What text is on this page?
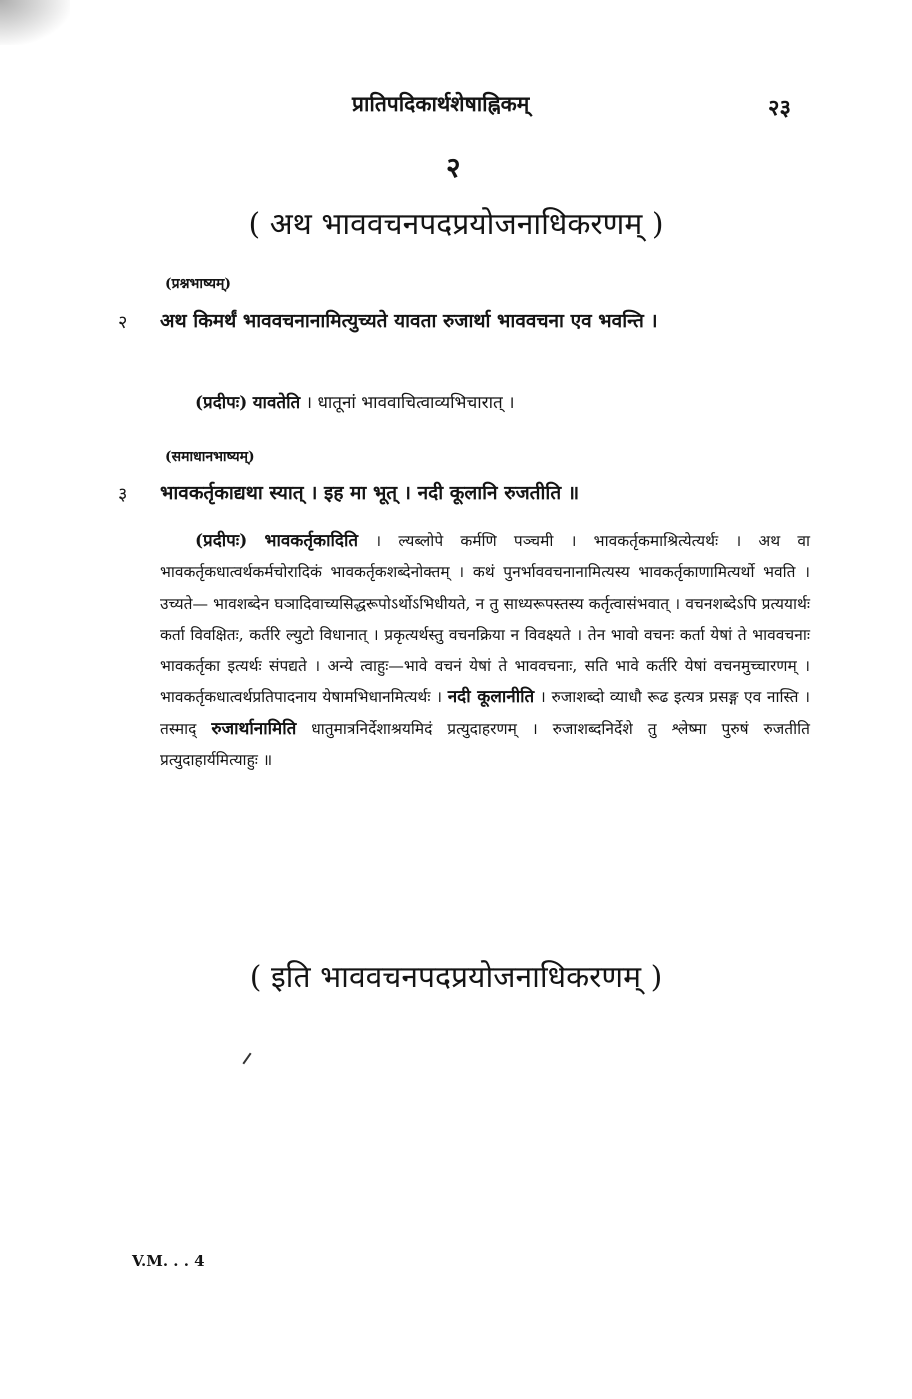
प्रातिपदिकार्थशेषाह्निकम्	२३
२
( अथ भाववचनपदप्रयोजनाधिकरणम् )
(प्रश्नभाष्यम्)
२ अथ किमर्थं भाववचनानामित्युच्यते यावता रुजार्था भाववचना एव भवन्ति ।
(प्रदीपः) यावतेति । धातूनां भाववाचित्वाव्यभिचारात् ।
(समाधानभाष्यम्)
३ भावकर्तृकाद्यथा स्यात् । इह मा भूत् । नदी कूलानि रुजतीति ॥
(प्रदीपः) भावकर्तृकादिति । ल्यब्लोपे कर्मणि पञ्चमी । भावकर्तृकमाश्रित्येत्यर्थः । अथ वा भावकर्तृकधात्वर्थकर्मचोरादिकं भावकर्तृकशब्देनोक्तम् । कथं पुनर्भाववचनानामित्यस्य भावकर्तृकाणामित्यर्थो भवति । उच्यते— भावशब्देन घञादिवाच्यसिद्धरूपोऽर्थोऽभिधीयते, न तु साध्यरूपस्तस्य कर्तृत्वासंभवात् । वचनशब्देऽपि प्रत्ययार्थः कर्ता विवक्षितः, कर्तरि ल्युटो विधानात् । प्रकृत्यर्थस्तु वचनक्रिया न विवक्ष्यते । तेन भावो वचनः कर्ता येषां ते भाववचनाः भावकर्तृका इत्यर्थः संपद्यते । अन्ये त्वाहुः—भावे वचनं येषां ते भाववचनाः, सति भावे कर्तरि येषां वचनमुच्चारणम् । भावकर्तृकधात्वर्थप्रतिपादनाय येषामभिधानमित्यर्थः । नदी कूलानीति । रुजाशब्दो व्याधौ रूढ इत्यत्र प्रसङ्ग एव नास्ति । तस्माद् रुजार्थानामिति धातुमात्रनिर्देशाश्रयमिदं प्रत्युदाहरणम् । रुजाशब्दनिर्देशे तु श्लेष्मा पुरुषं रुजतीति प्रत्युदाहार्यमित्याहुः ॥
( इति भाववचनपदप्रयोजनाधिकरणम् )
V.M. . . 4
